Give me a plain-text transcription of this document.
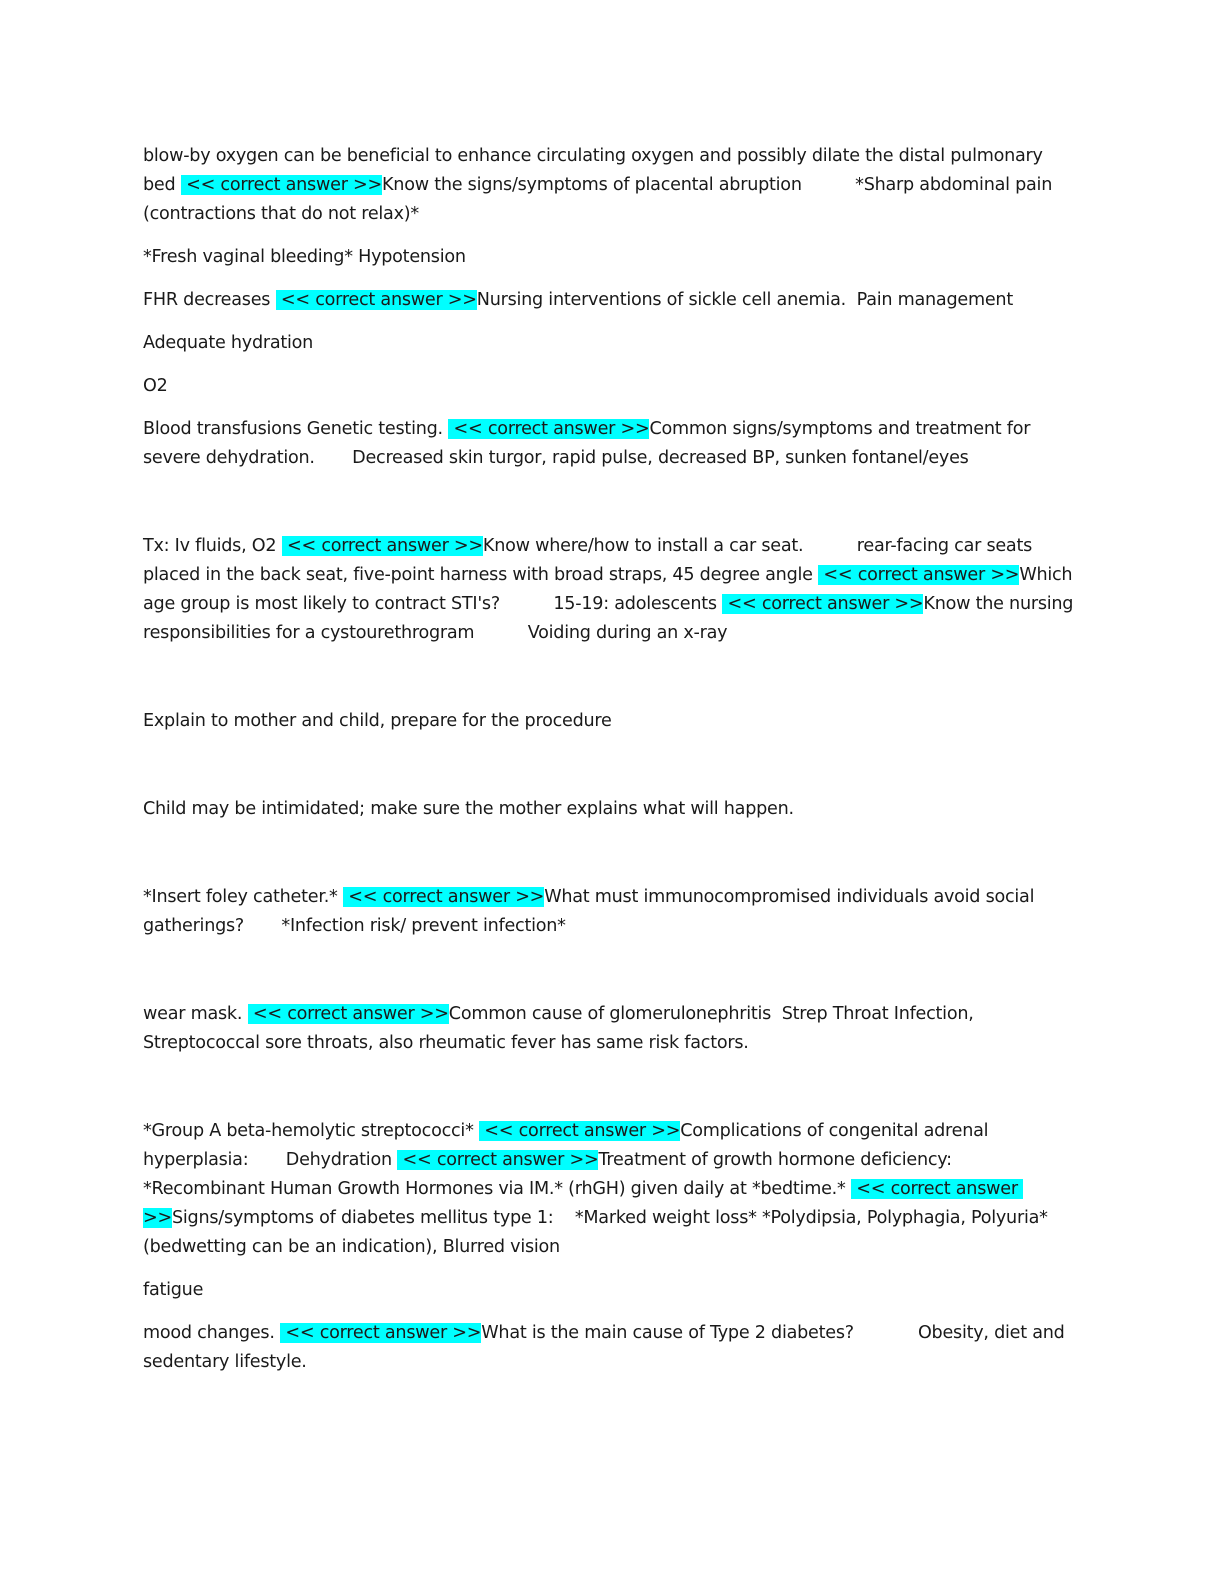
blow-by oxygen can be beneficial to enhance circulating oxygen and possibly dilate the distal pulmonary bed  << correct answer >>Know the signs/symptoms of placental abruption          *Sharp abdominal pain (contractions that do not relax)*

*Fresh vaginal bleeding* Hypotension

FHR decreases  << correct answer >>Nursing interventions of sickle cell anemia.  Pain management

Adequate hydration

O2

Blood transfusions Genetic testing.  << correct answer >>Common signs/symptoms and treatment for severe dehydration.       Decreased skin turgor, rapid pulse, decreased BP, sunken fontanel/eyes

Tx: Iv fluids, O2  << correct answer >>Know where/how to install a car seat.          rear-facing car seats placed in the back seat, five-point harness with broad straps, 45 degree angle  << correct answer >>Which age group is most likely to contract STI's?          15-19: adolescents  << correct answer >>Know the nursing responsibilities for a cystourethrogram          Voiding during an x-ray

Explain to mother and child, prepare for the procedure

Child may be intimidated; make sure the mother explains what will happen.

*Insert foley catheter.*  << correct answer >>What must immunocompromised individuals avoid social gatherings?       *Infection risk/ prevent infection*

wear mask.  << correct answer >>Common cause of glomerulonephritis  Strep Throat Infection, Streptococcal sore throats, also rheumatic fever has same risk factors.

*Group A beta-hemolytic streptococci*  << correct answer >>Complications of congenital adrenal hyperplasia:       Dehydration  << correct answer >>Treatment of growth hormone deficiency:             *Recombinant Human Growth Hormones via IM.* (rhGH) given daily at *bedtime.*  << correct answer >>Signs/symptoms of diabetes mellitus type 1:    *Marked weight loss* *Polydipsia, Polyphagia, Polyuria* (bedwetting can be an indication), Blurred vision

fatigue

mood changes.  << correct answer >>What is the main cause of Type 2 diabetes?            Obesity, diet and sedentary lifestyle.
